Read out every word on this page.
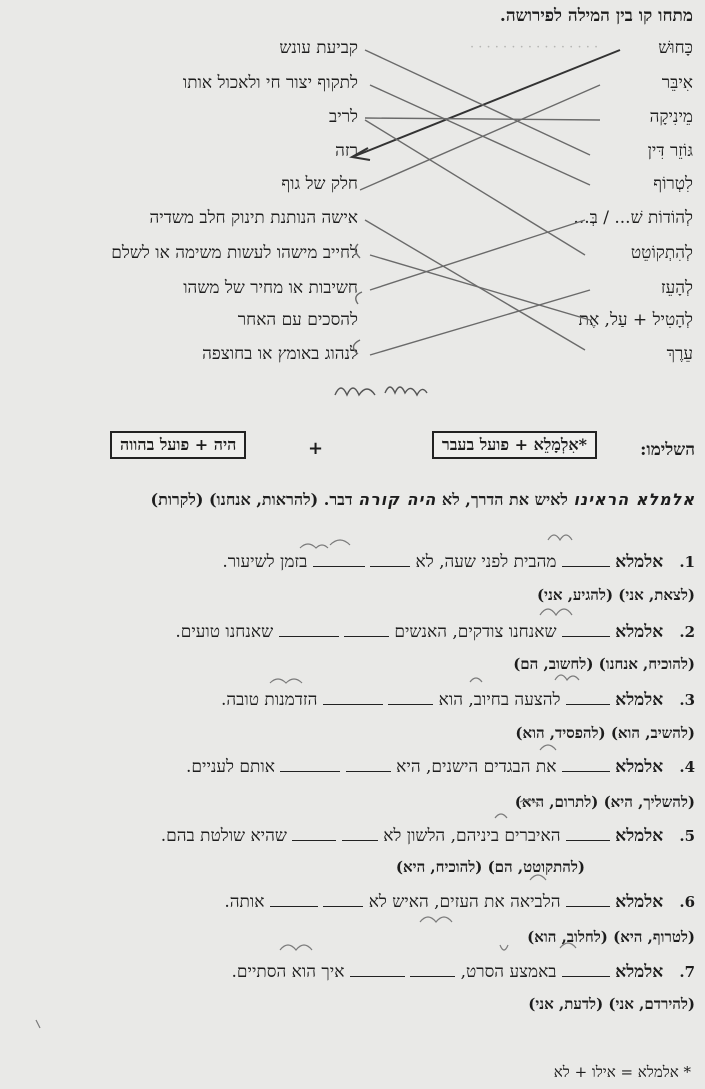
· · · · · · · · · · · · · · · ·
מתחו קו בין המילה לפירושה.
כָּחוּשׁ
אִיבֵּר
מֵינִיקָה
גּוֹזֵר דִּין
לִטְרוֹף
לְהוֹדוֹת שׁ... / בְּ...
לְהִתְקוֹטֵט
לְהָעֵז
לְהָטִיל + עַל, אֶת
עֵרֶךְ
קביעת עונש
לתקוף יצור חי ולאכול אותו
לריב
רזה
חלק של גוף
אישה הנותנת תינוק חלב משדיה
לחייב מישהו לעשות משימה או לשלם
חשיבות או מחיר של משהו
להסכים עם האחר
לנהוג באומץ או בחוצפה
השלימו:
*אִלְמָלֵא + פועל בעבר
+
היה + פועל בהווה
אלמלא הראינו לאיש את הדרך, לא היה קורה דבר. (להראות, אנחנו) (לקרות)
1.   אלמלא  מהבית לפני שעה, לא   בזמן לשיעור.
(לצאת, אני) (להגיע, אני)
2.   אלמלא  שאנחנו צודקים, האנשים   שאנחנו טועים.
(להוכיח, אנחנו) (לחשוב, הם)
3.   אלמלא  להצעה בחיוב, הוא   הזדמנות טובה.
(להשיב, הוא) (להפסיד, הוא)
4.   אלמלא  את הבגדים הישנים, היא   אותם לעניים.
(להשליך, היא) (לתרום, היא)
5.   אלמלא  האיברים ביניהם, הלשון לא   שהיא שולטת בהם.
(להתקוטט, הם) (להוכיח, היא)
6.   אלמלא  הלביאה את העזים, האיש לא   אותה.
(לטרוף, היא) (לחלוב, הוא)
7.   אלמלא  באמצע הסרט,   איך הוא הסתיים.
(להירדם, אני) (לדעת, אני)
* אלמלא = אילו + לא
